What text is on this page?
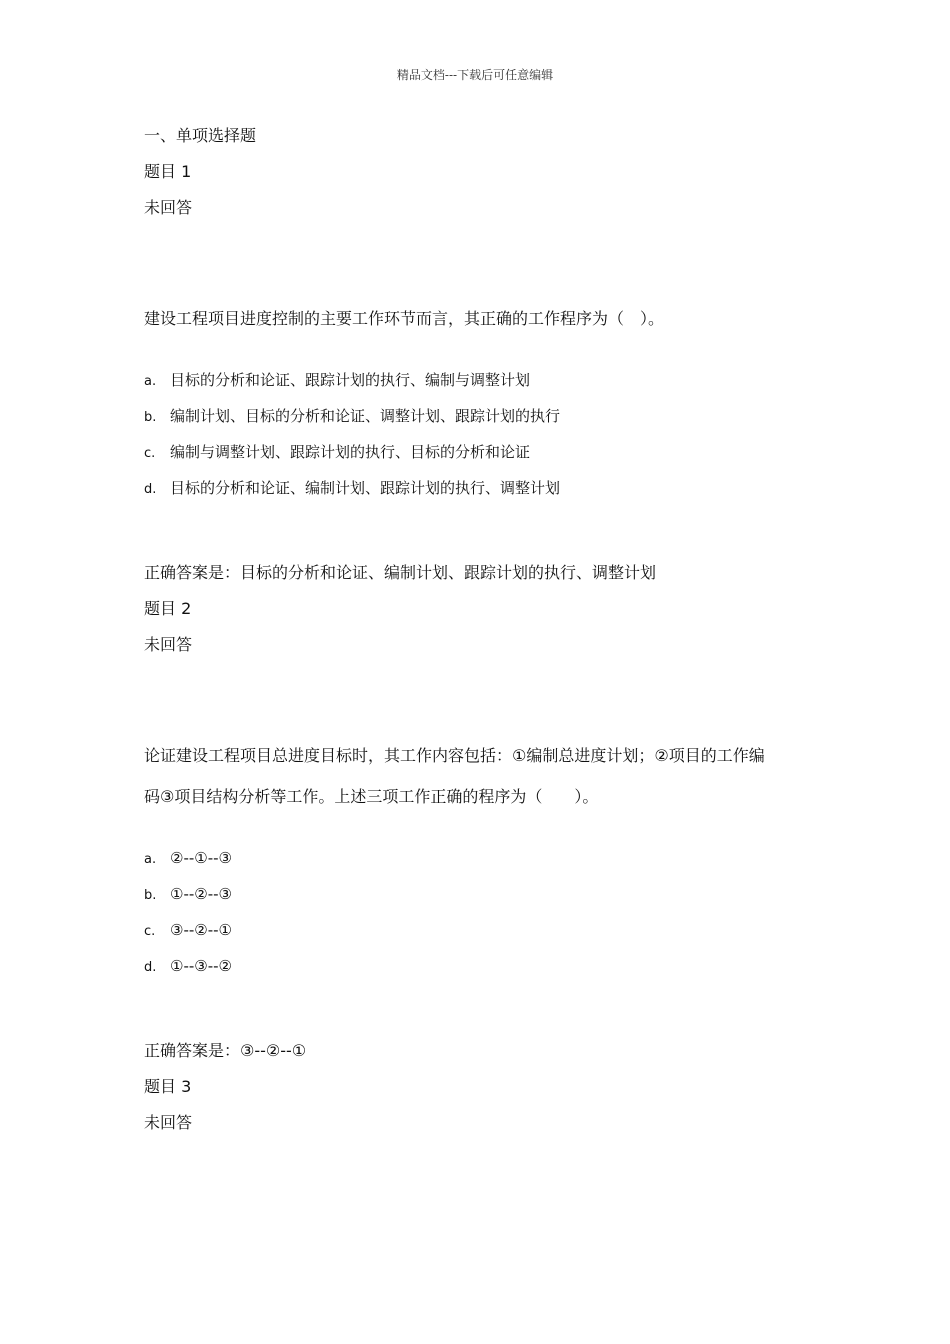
精品文档---下载后可任意编辑
一、单项选择题
题目 1
未回答
建设工程项目进度控制的主要工作环节而言，其正确的工作程序为（　）。
a. 目标的分析和论证、跟踪计划的执行、编制与调整计划
b. 编制计划、目标的分析和论证、调整计划、跟踪计划的执行
c. 编制与调整计划、跟踪计划的执行、目标的分析和论证
d. 目标的分析和论证、编制计划、跟踪计划的执行、调整计划
正确答案是：目标的分析和论证、编制计划、跟踪计划的执行、调整计划
题目 2
未回答
论证建设工程项目总进度目标时，其工作内容包括：①编制总进度计划；②项目的工作编
码③项目结构分析等工作。上述三项工作正确的程序为（　　）。
a. ②--①--③
b. ①--②--③
c. ③--②--①
d. ①--③--②
正确答案是：③--②--①
题目 3
未回答
